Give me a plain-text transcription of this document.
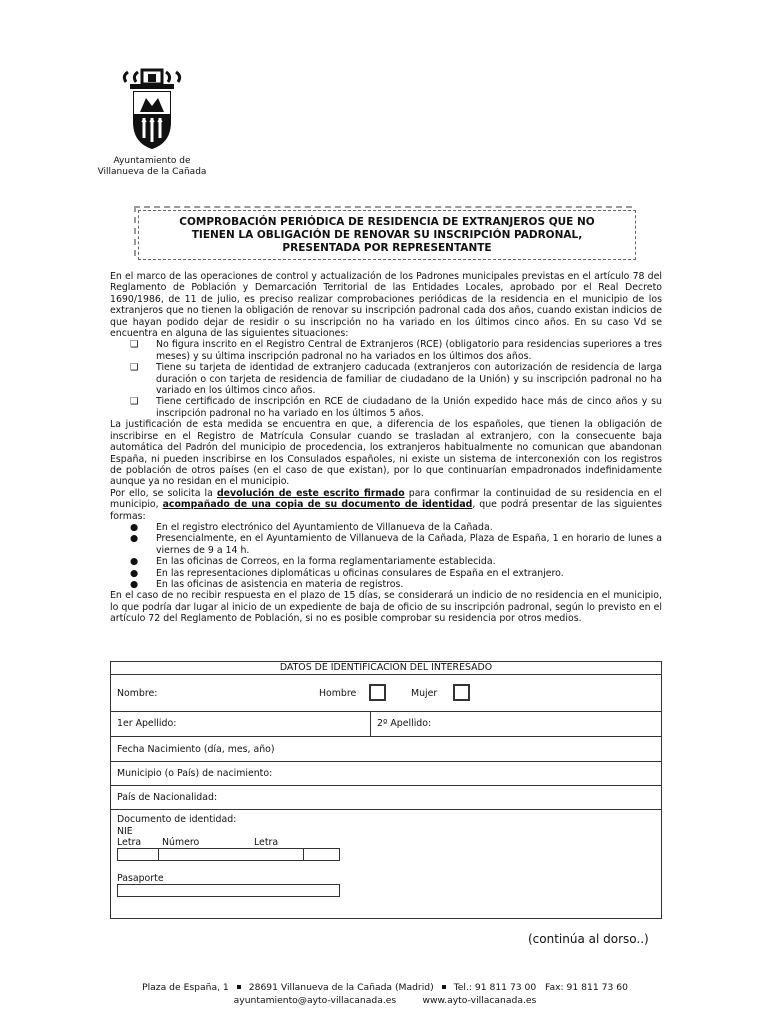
Ayuntamiento de
Villanueva de la Cañada
COMPROBACIÓN PERIÓDICA DE RESIDENCIA DE EXTRANJEROS QUE NO
TIENEN LA OBLIGACIÓN DE RENOVAR SU INSCRIPCIÓN PADRONAL,
PRESENTADA POR REPRESENTANTE

En el marco de las operaciones de control y actualización de los Padrones municipales previstas en el artículo 78 del Reglamento de Población y Demarcación Territorial de las Entidades Locales, aprobado por el Real Decreto 1690/1986, de 11 de julio, es preciso realizar comprobaciones periódicas de la residencia en el municipio de los extranjeros que no tienen la obligación de renovar su inscripción padronal cada dos años, cuando existan indicios de que hayan podido dejar de residir o su inscripción no ha variado en los últimos cinco años. En su caso Vd se encuentra en alguna de las siguientes situaciones:

❑ No figura inscrito en el Registro Central de Extranjeros (RCE) (obligatorio para residencias superiores a tres meses) y su última inscripción padronal no ha variados en los últimos dos años.
❑ Tiene su tarjeta de identidad de extranjero caducada (extranjeros con autorización de residencia de larga duración o con tarjeta de residencia de familiar de ciudadano de la Unión) y su inscripción padronal no ha variado en los últimos cinco años.
❑ Tiene certificado de inscripción en RCE de ciudadano de la Unión expedido hace más de cinco años y su inscripción padronal no ha variado en los últimos 5 años.

La justificación de esta medida se encuentra en que, a diferencia de los españoles, que tienen la obligación de inscribirse en el Registro de Matrícula Consular cuando se trasladan al extranjero, con la consecuente baja automática del Padrón del municipio de procedencia, los extranjeros habitualmente no comunican que abandonan España, ni pueden inscribirse en los Consulados españoles, ni existe un sistema de interconexión con los registros de población de otros países (en el caso de que existan), por lo que continuarían empadronados indefinidamente aunque ya no residan en el municipio.

Por ello, se solicita la devolución de este escrito firmado para confirmar la continuidad de su residencia en el municipio, acompañado de una copia de su documento de identidad, que podrá presentar de las siguientes formas:

● En el registro electrónico del Ayuntamiento de Villanueva de la Cañada.
● Presencialmente, en el Ayuntamiento de Villanueva de la Cañada, Plaza de España, 1 en horario de lunes a viernes de 9 a 14 h.
● En las oficinas de Correos, en la forma reglamentariamente establecida.
● En las representaciones diplomáticas u oficinas consulares de España en el extranjero.
● En las oficinas de asistencia en materia de registros.

En el caso de no recibir respuesta en el plazo de 15 días, se considerará un indicio de no residencia en el municipio, lo que podría dar lugar al inicio de un expediente de baja de oficio de su inscripción padronal, según lo previsto en el artículo 72 del Reglamento de Población, si no es posible comprobar su residencia por otros medios.

DATOS DE IDENTIFICACIÓN DEL INTERESADO
Nombre:	Hombre	Mujer
1er Apellido:	2º Apellido:
Fecha Nacimiento (día, mes, año)
Municipio (o País) de nacimiento:
País de Nacionalidad:
Documento de identidad:
NIE
Letra Número	Letra
Pasaporte
(continúa al dorso..)
Plaza de España, 1 28691 Villanueva de la Cañada (Madrid) Tel.: 91 811 73 00 Fax: 91 811 73 60
ayuntamiento@ayto-villacanada.es	www.ayto-villacanada.es
